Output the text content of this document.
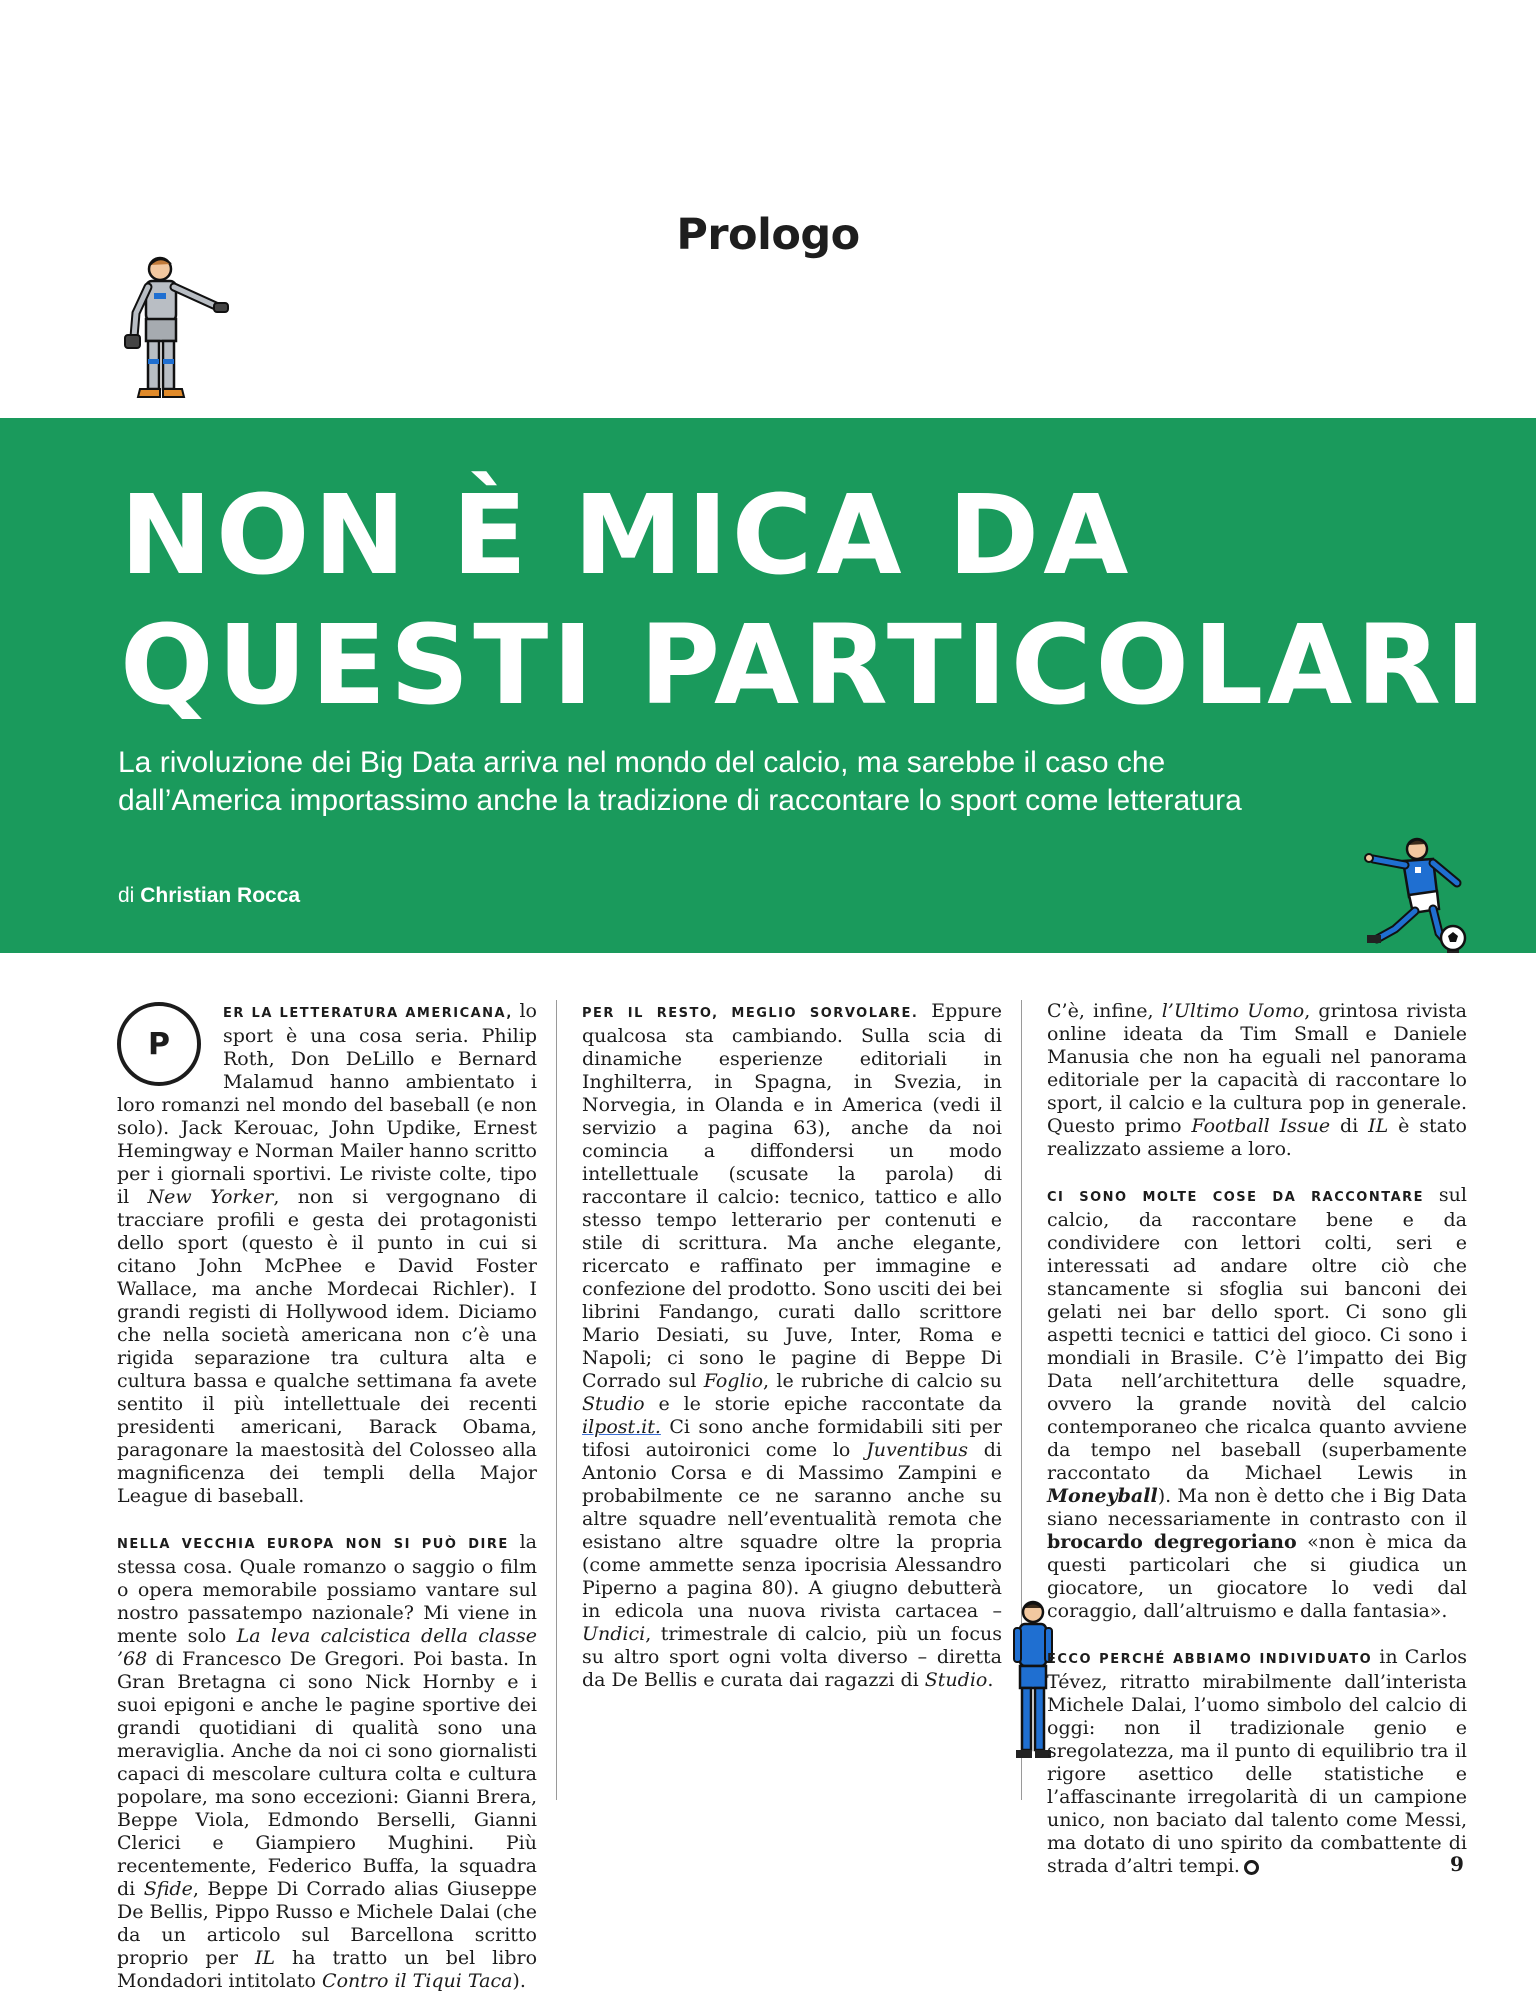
Prologo
NON È MICA DA
QUESTI PARTICOLARI
La rivoluzione dei Big Data arriva nel mondo del calcio, ma sarebbe il caso che
dall’America importassimo anche la tradizione di raccontare lo sport come letteratura
di Christian Rocca

P
ER LA LETTERATURA AMERICANA, lo sport è una cosa seria. Philip Roth, Don DeLillo e Bernard Malamud hanno ambientato i loro romanzi nel mondo del baseball (e non solo). Jack Kerouac, John Updike, Ernest Hemingway e Norman Mailer hanno scritto per i giornali sportivi. Le riviste colte, tipo il New Yorker, non si vergognano di tracciare profili e gesta dei protagonisti dello sport (questo è il punto in cui si citano John McPhee e David Foster Wallace, ma anche Mordecai Richler). I grandi registi di Hollywood idem. Diciamo che nella società americana non c’è una rigida separazione tra cultura alta e cultura bassa e qualche settimana fa avete sentito il più intellettuale dei recenti presidenti americani, Barack Obama, paragonare la maestosità del Colosseo alla magnificenza dei templi della Major League di baseball.

NELLA VECCHIA EUROPA NON SI PUÒ DIRE la stessa cosa. Quale romanzo o saggio o film o opera memorabile possiamo vantare sul nostro passatempo nazionale? Mi viene in mente solo La leva calcistica della classe ’68 di Francesco De Gregori. Poi basta. In Gran Bretagna ci sono Nick Hornby e i suoi epigoni e anche le pagine sportive dei grandi quotidiani di qualità sono una meraviglia. Anche da noi ci sono giornalisti capaci di mescolare cultura colta e cultura popolare, ma sono eccezioni: Gianni Brera, Beppe Viola, Edmondo Berselli, Gianni Clerici e Giampiero Mughini. Più recentemente, Federico Buffa, la squadra di Sfide, Beppe Di Corrado alias Giuseppe De Bellis, Pippo Russo e Michele Dalai (che da un articolo sul Barcellona scritto proprio per IL ha tratto un bel libro Mondadori intitolato Contro il Tiqui Taca).

PER IL RESTO, MEGLIO SORVOLARE. Eppure qualcosa sta cambiando. Sulla scia di dinamiche esperienze editoriali in Inghilterra, in Spagna, in Svezia, in Norvegia, in Olanda e in America (vedi il servizio a pagina 63), anche da noi comincia a diffondersi un modo intellettuale (scusate la parola) di raccontare il calcio: tecnico, tattico e allo stesso tempo letterario per contenuti e stile di scrittura. Ma anche elegante, ricercato e raffinato per immagine e confezione del prodotto. Sono usciti dei bei librini Fandango, curati dallo scrittore Mario Desiati, su Juve, Inter, Roma e Napoli; ci sono le pagine di Beppe Di Corrado sul Foglio, le rubriche di calcio su Studio e le storie epiche raccontate da ilpost.it. Ci sono anche formidabili siti per tifosi autoironici come lo Juventibus di Antonio Corsa e di Massimo Zampini e probabilmente ce ne saranno anche su altre squadre nell’eventualità remota che esistano altre squadre oltre la propria (come ammette senza ipocrisia Alessandro Piperno a pagina 80). A giugno debutterà in edicola una nuova rivista cartacea – Undici, trimestrale di calcio, più un focus su altro sport ogni volta diverso – diretta da De Bellis e curata dai ragazzi di Studio.

C’è, infine, l’Ultimo Uomo, grintosa rivista online ideata da Tim Small e Daniele Manusia che non ha eguali nel panorama editoriale per la capacità di raccontare lo sport, il calcio e la cultura pop in generale. Questo primo Football Issue di IL è stato realizzato assieme a loro.

CI SONO MOLTE COSE DA RACCONTARE sul calcio, da raccontare bene e da condividere con lettori colti, seri e interessati ad andare oltre ciò che stancamente si sfoglia sui banconi dei gelati nei bar dello sport. Ci sono gli aspetti tecnici e tattici del gioco. Ci sono i mondiali in Brasile. C’è l’impatto dei Big Data nell’architettura delle squadre, ovvero la grande novità del calcio contemporaneo che ricalca quanto avviene da tempo nel baseball (superbamente raccontato da Michael Lewis in Moneyball). Ma non è detto che i Big Data siano necessariamente in contrasto con il brocardo degregoriano «non è mica da questi particolari che si giudica un giocatore, un giocatore lo vedi dal coraggio, dall’altruismo e dalla fantasia».

ECCO PERCHÉ ABBIAMO INDIVIDUATO in Carlos Tévez, ritratto mirabilmente dall’interista Michele Dalai, l’uomo simbolo del calcio di oggi: non il tradizionale genio e sregolatezza, ma il punto di equilibrio tra il rigore asettico delle statistiche e l’affascinante irregolarità di un campione unico, non baciato dal talento come Messi, ma dotato di uno spirito da combattente di strada d’altri tempi.	9
